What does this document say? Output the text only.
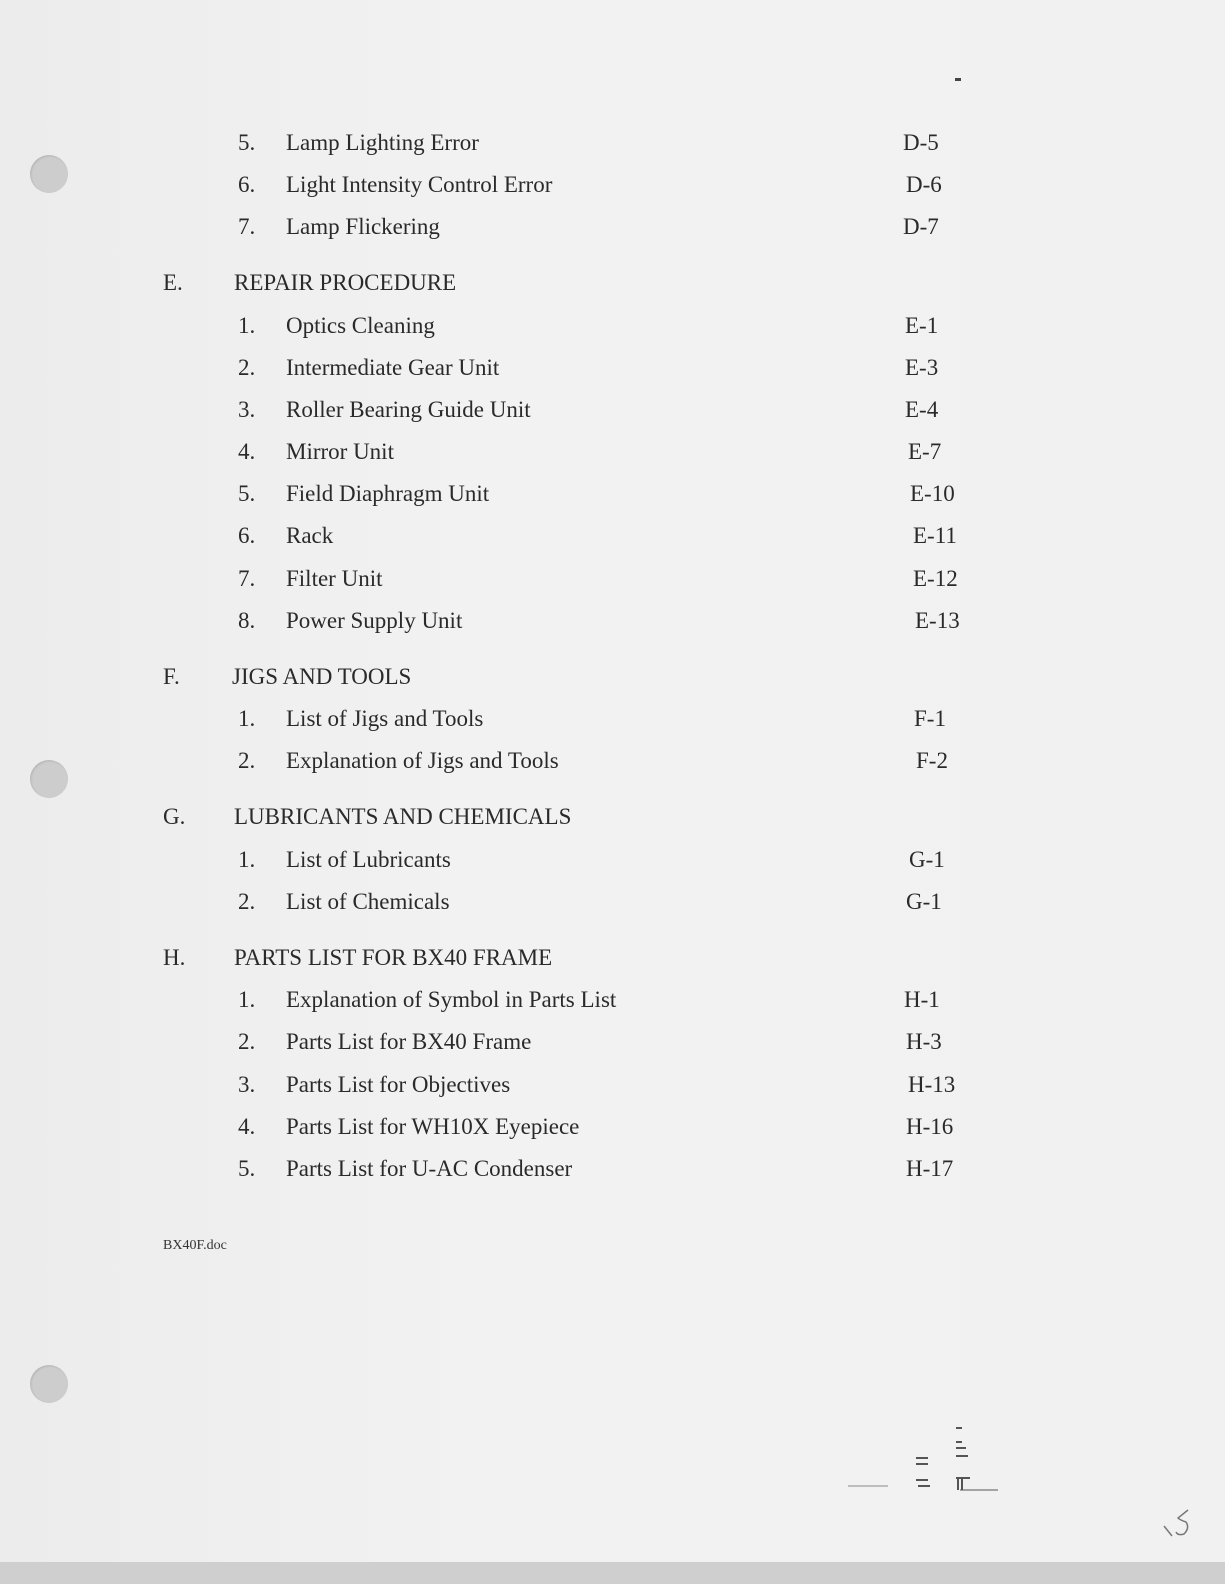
5. Lamp Lighting Error	D-5
6. Light Intensity Control Error	D-6
7. Lamp Flickering	D-7
E. REPAIR PROCEDURE
1. Optics Cleaning	E-1
2. Intermediate Gear Unit	E-3
3. Roller Bearing Guide Unit	E-4
4. Mirror Unit	E-7
5. Field Diaphragm Unit	E-10
6. Rack	E-11
7. Filter Unit	E-12
8. Power Supply Unit	E-13
F. JIGS AND TOOLS
1. List of Jigs and Tools	F-1
2. Explanation of Jigs and Tools	F-2
G. LUBRICANTS AND CHEMICALS
1. List of Lubricants	G-1
2. List of Chemicals	G-1
H. PARTS LIST FOR BX40 FRAME
1. Explanation of Symbol in Parts List	H-1
2. Parts List for BX40 Frame	H-3
3. Parts List for Objectives	H-13
4. Parts List for WH10X Eyepiece	H-16
5. Parts List for U-AC Condenser	H-17
BX40F.doc
